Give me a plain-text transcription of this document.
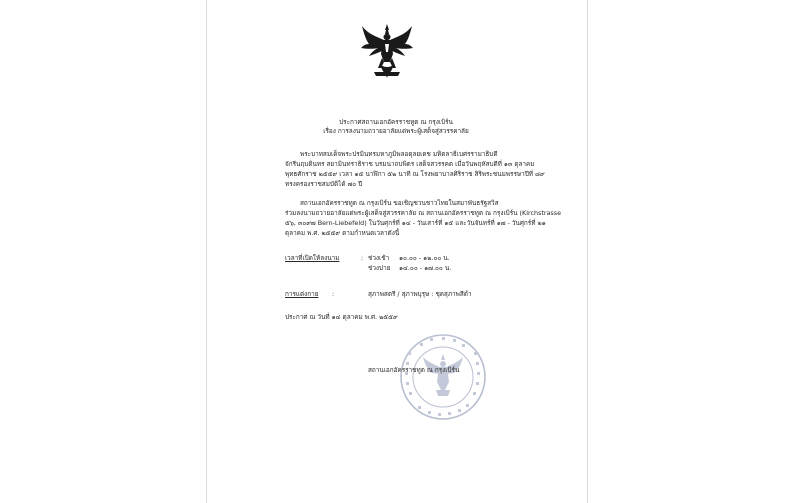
ประกาศสถานเอกอัครราชทูต ณ กรุงเบิร์น
เรื่อง การลงนามถวายอาลัยแด่พระผู้เสด็จสู่สวรรคาลัย
พระบาทสมเด็จพระปรมินทรมหาภูมิพลอดุลยเดช มหิตลาธิเบศรรามาธิบดี
จักรีนฤบดินทร สยามินทราธิราช บรมนาถบพิตร เสด็จสวรรคต เมื่อวันพฤหัสบดีที่ ๑๓ ตุลาคม
พุทธศักราช ๒๕๕๙ เวลา ๑๕ นาฬิกา ๕๒ นาที ณ โรงพยาบาลศิริราช สิริพระชนมพรรษาปีที่ ๘๙
ทรงครองราชสมบัติได้ ๗๐ ปี
สถานเอกอัครราชทูต ณ กรุงเบิร์น ขอเชิญชวนชาวไทยในสมาพันธรัฐสวิส
ร่วมลงนามถวายอาลัยแด่พระผู้เสด็จสู่สวรรคาลัย ณ สถานเอกอัครราชทูต ณ กรุงเบิร์น (Kirchstrasse
๕๖, ๓๐๙๗ Bern-Liebefeld) ในวันศุกร์ที่ ๑๔ - วันเสาร์ที่ ๑๕ และวันจันทร์ที่ ๑๗ - วันศุกร์ที่ ๒๑
ตุลาคม พ.ศ. ๒๕๕๙ ตามกำหนดเวลาดังนี้
เวลาที่เปิดให้ลงนาม	: ช่วงเช้า ๑๐.๐๐ - ๑๒.๐๐ น.
ช่วงบ่าย ๑๔.๐๐ - ๑๗.๐๐ น.
การแต่งกาย :	สุภาพสตรี / สุภาพบุรุษ : ชุดสุภาพสีดำ
ประกาศ ณ วันที่ ๑๔ ตุลาคม พ.ศ. ๒๕๕๙
สถานเอกอัครราชทูต ณ กรุงเบิร์น
